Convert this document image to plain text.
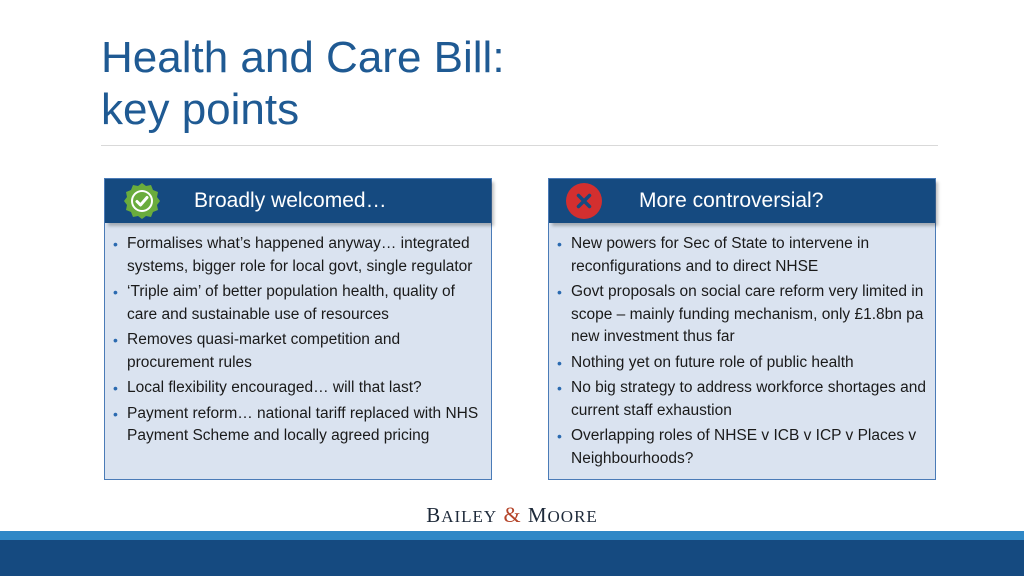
Health and Care Bill:
key points
Broadly welcomed…
• Formalises what’s happened anyway… integrated systems, bigger role for local govt, single regulator
• ‘Triple aim’ of better population health, quality of care and sustainable use of resources
• Removes quasi-market competition and procurement rules
• Local flexibility encouraged… will that last?
• Payment reform… national tariff replaced with NHS Payment Scheme and locally agreed pricing
More controversial?
• New powers for Sec of State to intervene in reconfigurations and to direct NHSE
• Govt proposals on social care reform very limited in scope – mainly funding mechanism, only £1.8bn pa new investment thus far
• Nothing yet on future role of public health
• No big strategy to address workforce shortages and current staff exhaustion
• Overlapping roles of NHSE v ICB v ICP v Places v Neighbourhoods?
BAILEY & MOORE
